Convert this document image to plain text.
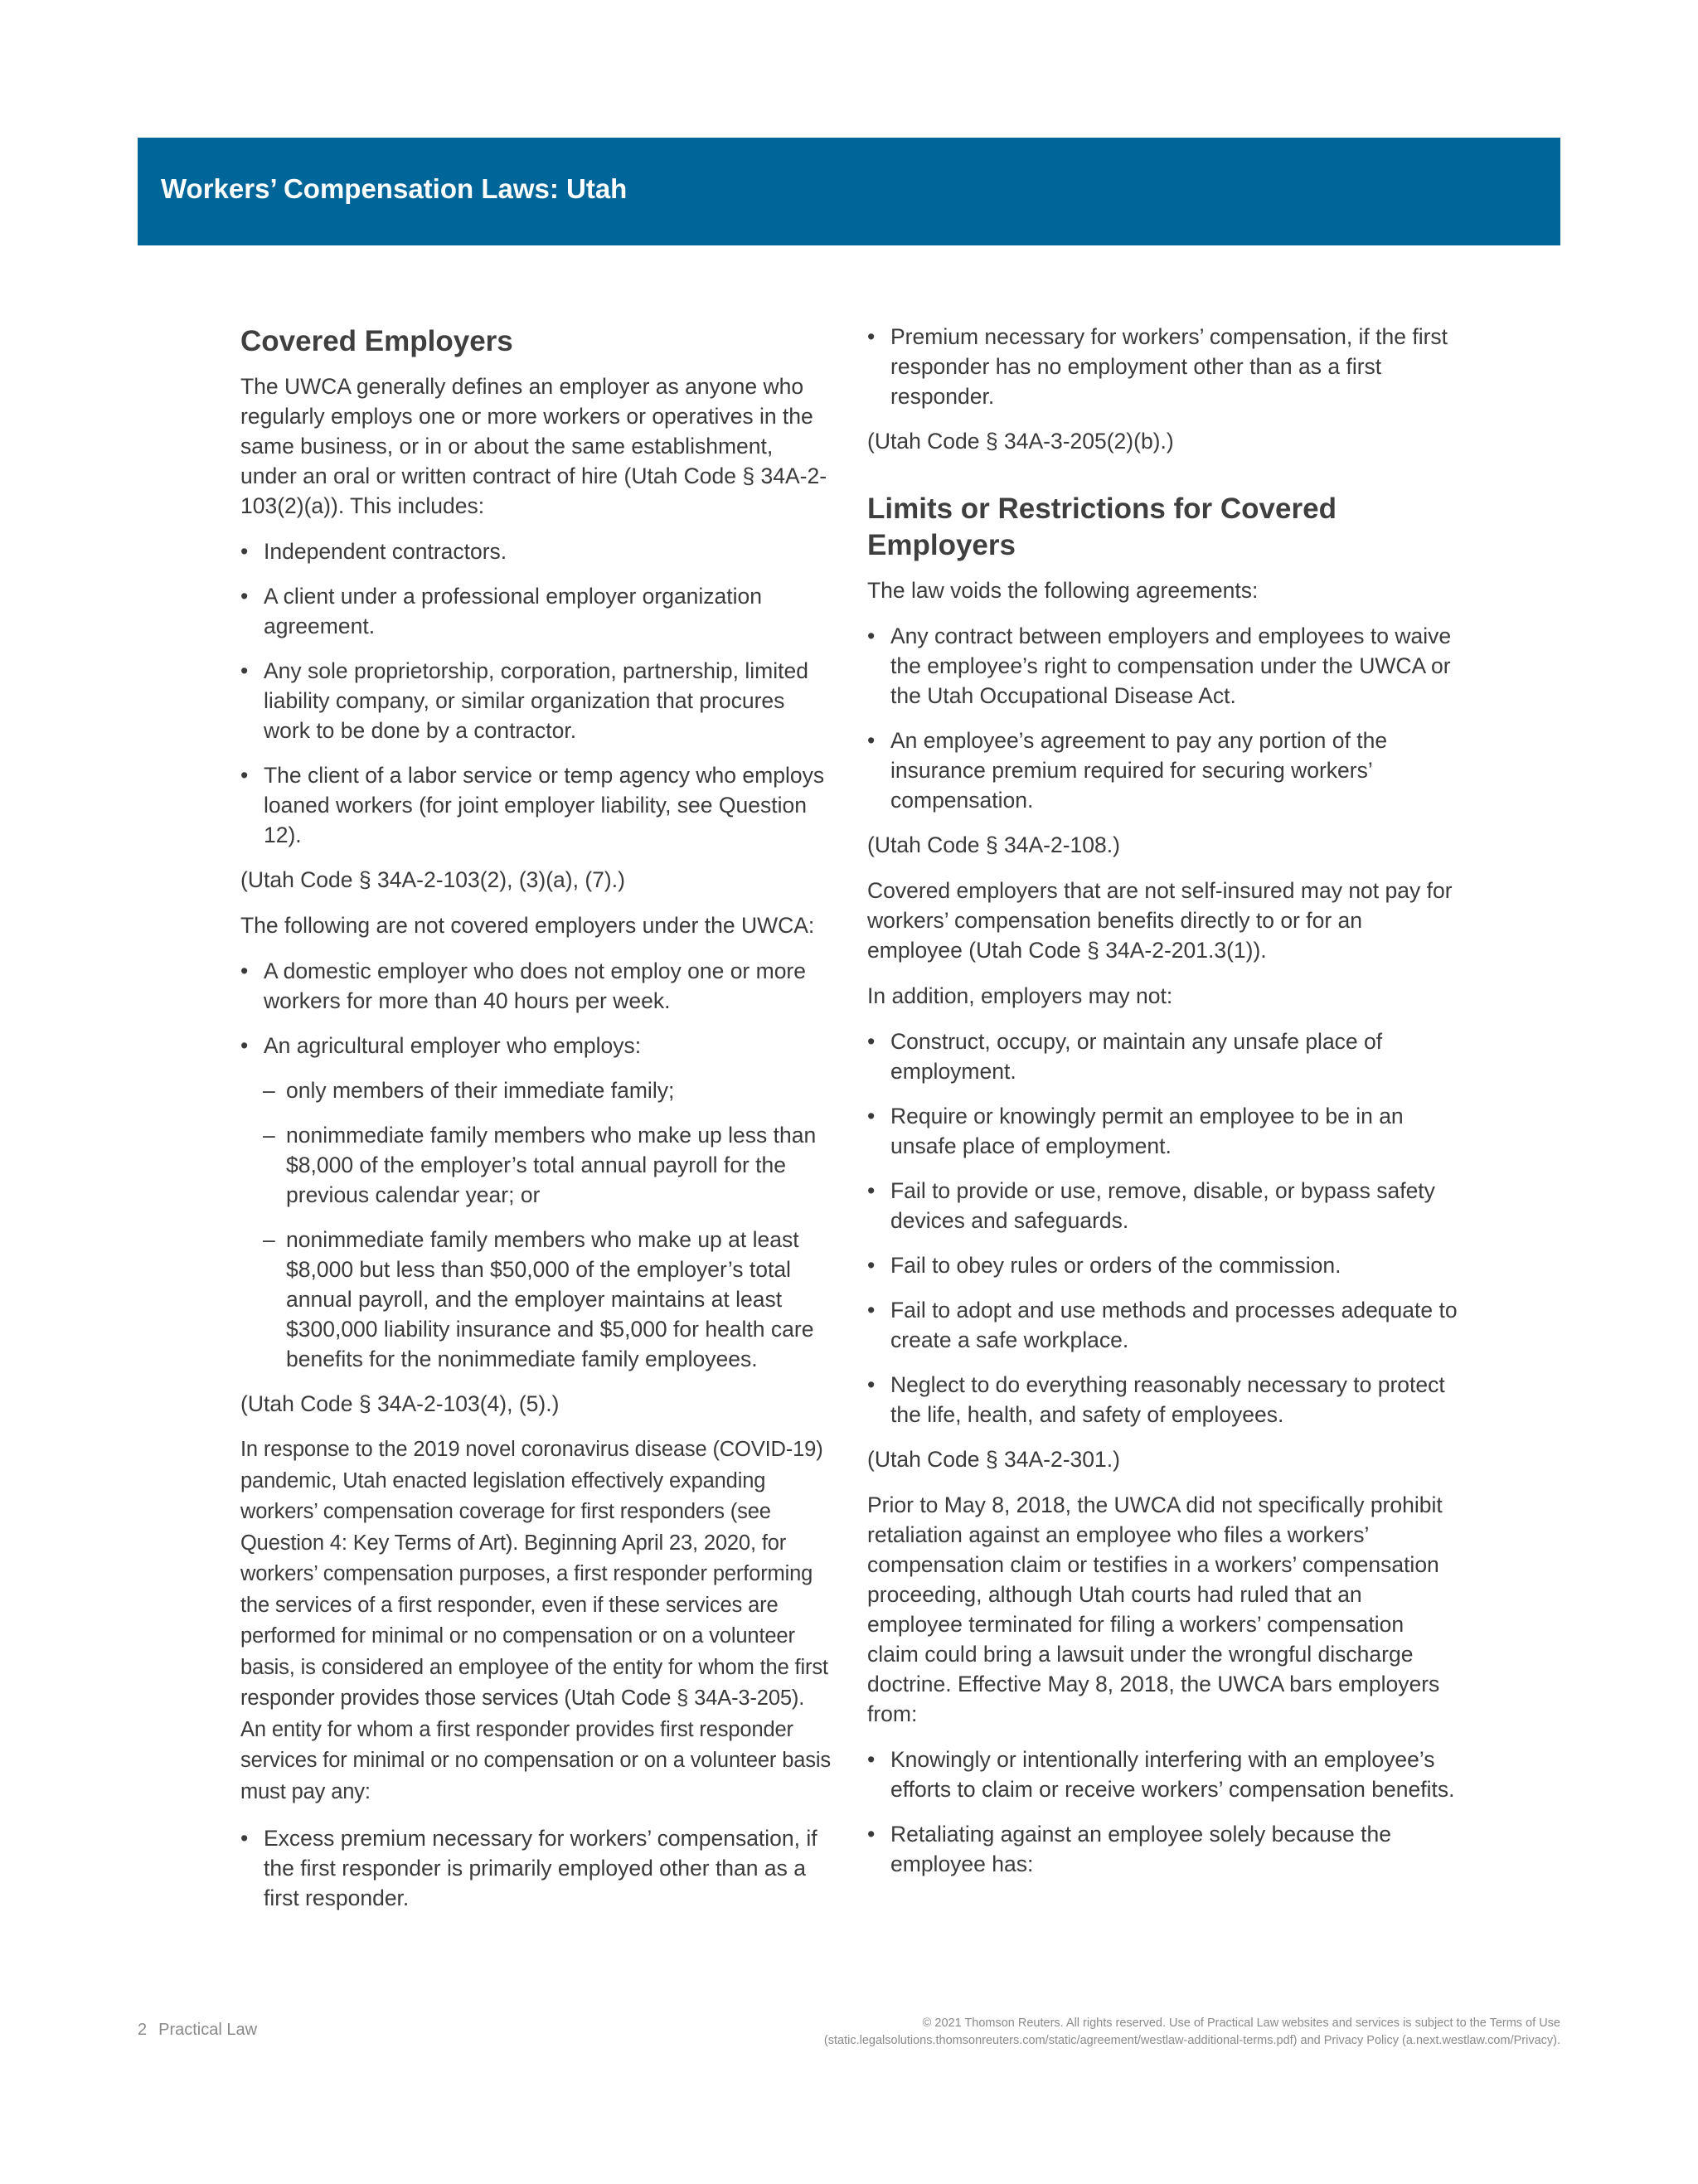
Workers’ Compensation Laws: Utah
Covered Employers

The UWCA generally defines an employer as anyone who regularly employs one or more workers or operatives in the same business, or in or about the same establishment, under an oral or written contract of hire (Utah Code § 34A-2-103(2)(a)). This includes:

• Independent contractors.
• A client under a professional employer organization agreement.
• Any sole proprietorship, corporation, partnership, limited liability company, or similar organization that procures work to be done by a contractor.
• The client of a labor service or temp agency who employs loaned workers (for joint employer liability, see Question 12).

(Utah Code § 34A-2-103(2), (3)(a), (7).)

The following are not covered employers under the UWCA:

• A domestic employer who does not employ one or more workers for more than 40 hours per week.
• An agricultural employer who employs:
– only members of their immediate family;
– nonimmediate family members who make up less than $8,000 of the employer’s total annual payroll for the previous calendar year; or
– nonimmediate family members who make up at least $8,000 but less than $50,000 of the employer’s total annual payroll, and the employer maintains at least $300,000 liability insurance and $5,000 for health care benefits for the nonimmediate family employees.

(Utah Code § 34A-2-103(4), (5).)

In response to the 2019 novel coronavirus disease (COVID-19) pandemic, Utah enacted legislation effectively expanding workers’ compensation coverage for first responders (see Question 4: Key Terms of Art). Beginning April 23, 2020, for workers’ compensation purposes, a first responder performing the services of a first responder, even if these services are performed for minimal or no compensation or on a volunteer basis, is considered an employee of the entity for whom the first responder provides those services (Utah Code § 34A-3-205). An entity for whom a first responder provides first responder services for minimal or no compensation or on a volunteer basis must pay any:

• Excess premium necessary for workers’ compensation, if the first responder is primarily employed other than as a first responder.
• Premium necessary for workers’ compensation, if the first responder has no employment other than as a first responder.

(Utah Code § 34A-3-205(2)(b).)

Limits or Restrictions for Covered Employers

The law voids the following agreements:

• Any contract between employers and employees to waive the employee’s right to compensation under the UWCA or the Utah Occupational Disease Act.
• An employee’s agreement to pay any portion of the insurance premium required for securing workers’ compensation.

(Utah Code § 34A-2-108.)

Covered employers that are not self-insured may not pay for workers’ compensation benefits directly to or for an employee (Utah Code § 34A-2-201.3(1)).

In addition, employers may not:

• Construct, occupy, or maintain any unsafe place of employment.
• Require or knowingly permit an employee to be in an unsafe place of employment.
• Fail to provide or use, remove, disable, or bypass safety devices and safeguards.
• Fail to obey rules or orders of the commission.
• Fail to adopt and use methods and processes adequate to create a safe workplace.
• Neglect to do everything reasonably necessary to protect the life, health, and safety of employees.

(Utah Code § 34A-2-301.)

Prior to May 8, 2018, the UWCA did not specifically prohibit retaliation against an employee who files a workers’ compensation claim or testifies in a workers’ compensation proceeding, although Utah courts had ruled that an employee terminated for filing a workers’ compensation claim could bring a lawsuit under the wrongful discharge doctrine. Effective May 8, 2018, the UWCA bars employers from:

• Knowingly or intentionally interfering with an employee’s efforts to claim or receive workers’ compensation benefits.
• Retaliating against an employee solely because the employee has:
2 Practical Law	© 2021 Thomson Reuters. All rights reserved. Use of Practical Law websites and services is subject to the Terms of Use
(static.legalsolutions.thomsonreuters.com/static/agreement/westlaw-additional-terms.pdf) and Privacy Policy (a.next.westlaw.com/Privacy).
